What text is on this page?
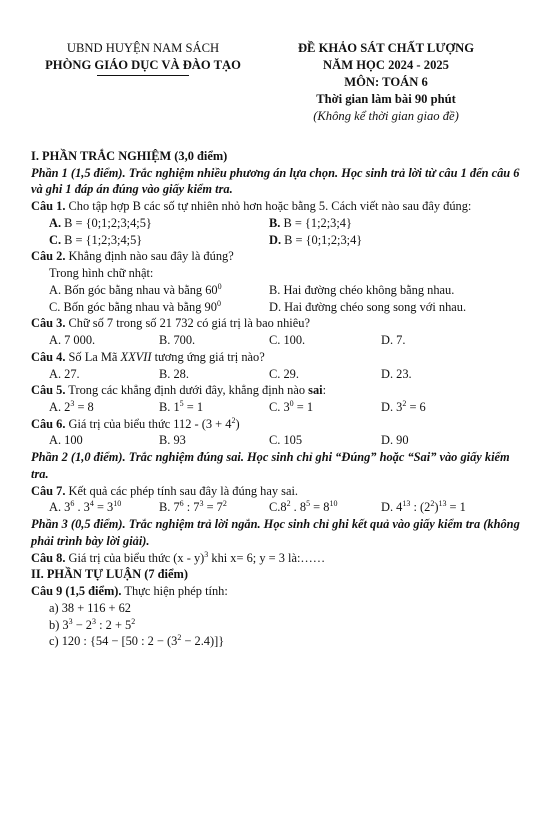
UBND HUYỆN NAM SÁCH
PHÒNG GIÁO DỤC VÀ ĐÀO TẠO
ĐỀ KHẢO SÁT CHẤT LƯỢNG
NĂM HỌC 2024 - 2025
MÔN: TOÁN 6
Thời gian làm bài 90 phút
(Không kể thời gian giao đề)

I. PHẦN TRẮC NGHIỆM (3,0 điểm)

Phần 1 (1,5 điểm). Trắc nghiệm nhiều phương án lựa chọn. Học sinh trả lời từ câu 1 đến câu 6 và ghi 1 đáp án đúng vào giấy kiểm tra.

Câu 1. Cho tập hợp B các số tự nhiên nhỏ hơn hoặc bằng 5. Cách viết nào sau đây đúng:

A. B = {0;1;2;3;4;5}	B. B = {1;2;3;4}
C. B = {1;2;3;4;5}	D. B = {0;1;2;3;4}

Câu 2. Khẳng định nào sau đây là đúng?

Trong hình chữ nhật:

A. Bốn góc bằng nhau và bằng $60^0$	B. Hai đường chéo không bằng nhau.
C. Bốn góc bằng nhau và bằng $90^0$	D. Hai đường chéo song song với nhau.

Câu 3. Chữ số 7 trong số 21 732 có giá trị là bao nhiêu?

A. 7 000.	B. 700.	C. 100.	D. 7.

Câu 4. Số La Mã XXVII tương ứng giá trị nào?

A. 27.	B. 28.	C. 29.	D. 23.

Câu 5. Trong các khẳng định dưới đây, khẳng định nào sai:

A. $2^3 = 8$	B. $1^5 = 1$	C. $3^0 = 1$	D. $3^2 = 6$

Câu 6. Giá trị của biểu thức $112 - (3 + 4^2)$

A. 100	B. 93	C. 105	D. 90

Phần 2 (1,0 điểm). Trắc nghiệm đúng sai. Học sinh chỉ ghi “Đúng” hoặc “Sai” vào giấy kiểm tra.

Câu 7. Kết quả các phép tính sau đây là đúng hay sai.

A. $3^6$ . $3^4 = 3^{10}$	B. $7^6$ : $7^3 = 7^2$	$C.8^2$ . $8^5 = 8^{10}$	D. $4^{13}$ : $(2^2)^{13} = 1$

Phần 3 (0,5 điểm). Trắc nghiệm trả lời ngắn. Học sinh chỉ ghi kết quả vào giấy kiểm tra (không phải trình bày lời giải).

Câu 8. Giá trị của biểu thức (x - y)$^3$ khi x= 6; y = 3 là:……

II. PHẦN TỰ LUẬN (7 điểm)

Câu 9 (1,5 điểm). Thực hiện phép tính:

a) 38 + 116 + 62

b) $3^3 - 2^3$ : $2 + 5^2$

c) 120 : {54 − [50 : $2 - (3^2 - 2.4)$]}
